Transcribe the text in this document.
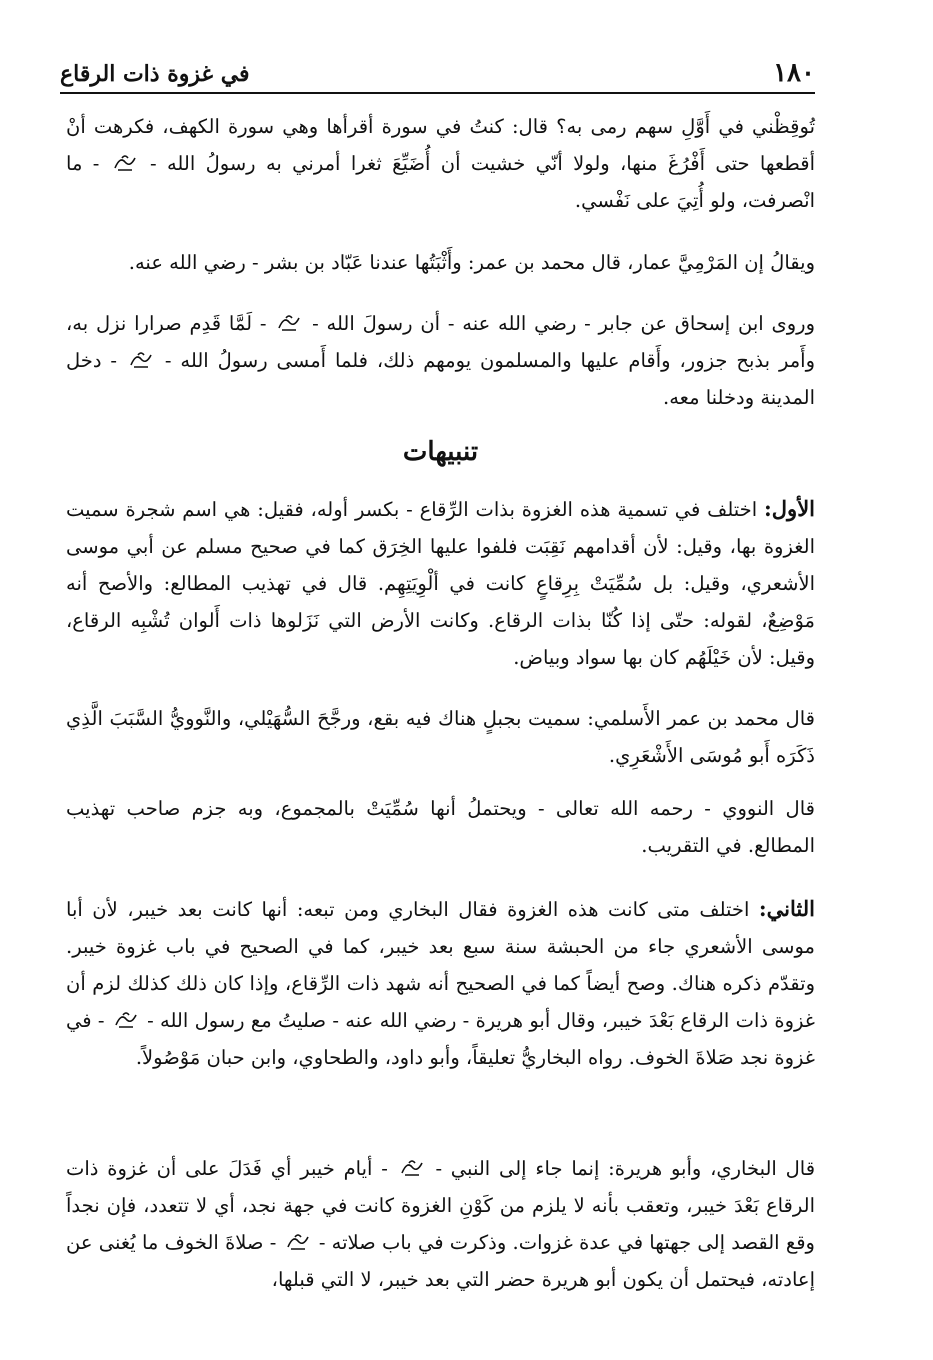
١٨٠
في غزوة ذات الرقاع

تُوقِظْني في أَوَّلِ سهم رمى به؟ قال: كنتُ في سورة أقرأها وهي سورة الكهف، فكرهت أنْ أقطعها حتى أَفْرُغَ منها، ولولا أنّي خشيت أن أُضَيِّعَ ثغرا أمرني به رسولُ الله -  - ما انْصرفت، ولو أُتِيَ على نَفْسي.

ويقالُ إن المَرْمِيَّ عمار، قال محمد بن عمر: وأَثْبَتُها عندنا عَبّاد بن بشر - رضي الله عنه.

وروى ابن إسحاق عن جابر - رضي الله عنه - أن رسولَ الله -  - لَمَّا قَدِم صرارا نزل به، وأَمر بذبح جزور، وأَقام عليها والمسلمون يومهم ذلك، فلما أَمسى رسولُ الله -  - دخل المدينة ودخلنا معه.

تنبيهات

الأول: اختلف في تسمية هذه الغزوة بذات الرِّقاع - بكسر أوله، فقيل: هي اسم شجرة سميت الغزوة بها، وقيل: لأن أقدامهم نَقِبَت فلفوا عليها الخِرَق كما في صحيح مسلم عن أبي موسى الأشعري، وقيل: بل سُمِّيَتْ بِرِقاعٍ كانت في ألْوِيَتِهِم. قال في تهذيب المطالع: والأصح أنه مَوْضِعٌ، لقوله: حتّى إذا كُنّا بذات الرقاع. وكانت الأرض التي نَزَلوها ذات أَلوان تُشْبِه الرقاع، وقيل: لأن خَيْلَهُم كان بها سواد وبياض.

قال محمد بن عمر الأَسلمي: سميت بجبلٍ هناك فيه بقع، ورجَّحَ السُّهَيْلي، والنَّوويُّ السَّبَبَ الَّذِي ذَكَرَه أَبو مُوسَى الأَشْعَرِي.

قال النووي - رحمه الله تعالى - ويحتملُ أنها سُمِّيَتْ بالمجموع، وبه جزم صاحب تهذيب المطالع. في التقريب.

الثاني: اختلف متى كانت هذه الغزوة فقال البخاري ومن تبعه: أنها كانت بعد خيبر، لأن أبا موسى الأشعري جاء من الحبشة سنة سبع بعد خيبر، كما في الصحيح في باب غزوة خيبر. وتقدّم ذكره هناك. وصح أيضاً كما في الصحيح أنه شهد ذات الرِّقاع، وإذا كان ذلك كذلك لزم أن غزوة ذات الرقاع بَعْدَ خيبر، وقال أبو هريرة - رضي الله عنه - صليتُ مع رسول الله -  - في غزوة نجد صَلاةَ الخوف. رواه البخاريُّ تعليقاً، وأبو داود، والطحاوي، وابن حبان مَوْصُولاً.

قال البخاري، وأبو هريرة: إنما جاء إلى النبي -  - أيام خيبر أي فَدَلَ على أن غزوة ذات الرقاع بَعْدَ خيبر، وتعقب بأنه لا يلزم من كَوْنِ الغزوة كانت في جهة نجد، أي لا تتعدد، فإن نجداً وقع القصد إلى جهتها في عدة غزوات. وذكرت في باب صلاته -  - صلاةَ الخوف ما يُغنى عن إعادته، فيحتمل أن يكون أبو هريرة حضر التي بعد خيبر، لا التي قبلها،
